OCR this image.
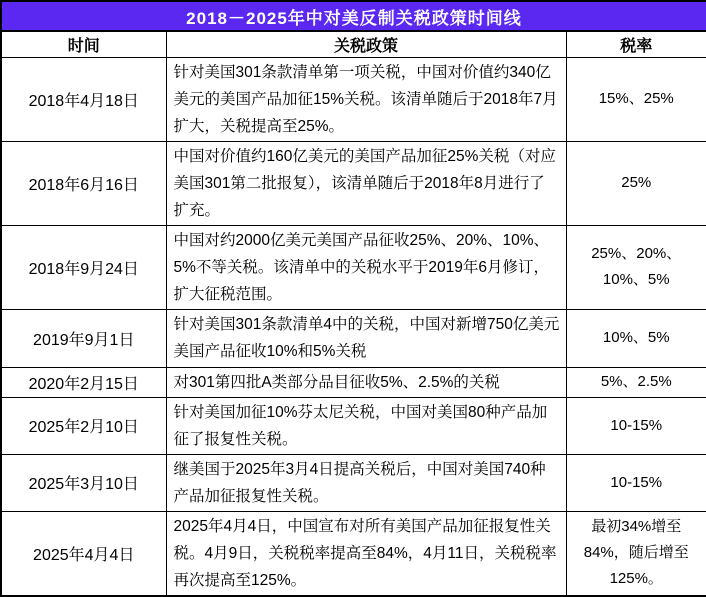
2018－2025年中对美反制关税政策时间线		
时间	关税政策	税率
2018年4月18日	针对美国301条款清单第一项关税，中国对价值约340亿美元的美国产品加征15%关税。该清单随后于2018年7月扩大，关税提高至25%。	15%、25%
2018年6月16日	中国对价值约160亿美元的美国产品加征25%关税（对应美国301第二批报复），该清单随后于2018年8月进行了扩充。	25%
2018年9月24日	中国对约2000亿美元美国产品征收25%、20%、10%、5%不等关税。该清单中的关税水平于2019年6月修订，扩大征税范围。	25%、20%、10%、5%
2019年9月1日	针对美国301条款清单4中的关税，中国对新增750亿美元美国产品征收10%和5%关税	10%、5%
2020年2月15日	对301第四批A类部分品目征收5%、2.5%的关税	5%、2.5%
2025年2月10日	针对美国加征10%芬太尼关税，中国对美国80种产品加征了报复性关税。	10-15%
2025年3月10日	继美国于2025年3月4日提高关税后，中国对美国740种产品加征报复性关税。	10-15%
2025年4月4日	2025年4月4日，中国宣布对所有美国产品加征报复性关税。4月9日，关税税率提高至84%，4月11日，关税税率再次提高至125%。	最初34%增至84%，随后增至125%。
